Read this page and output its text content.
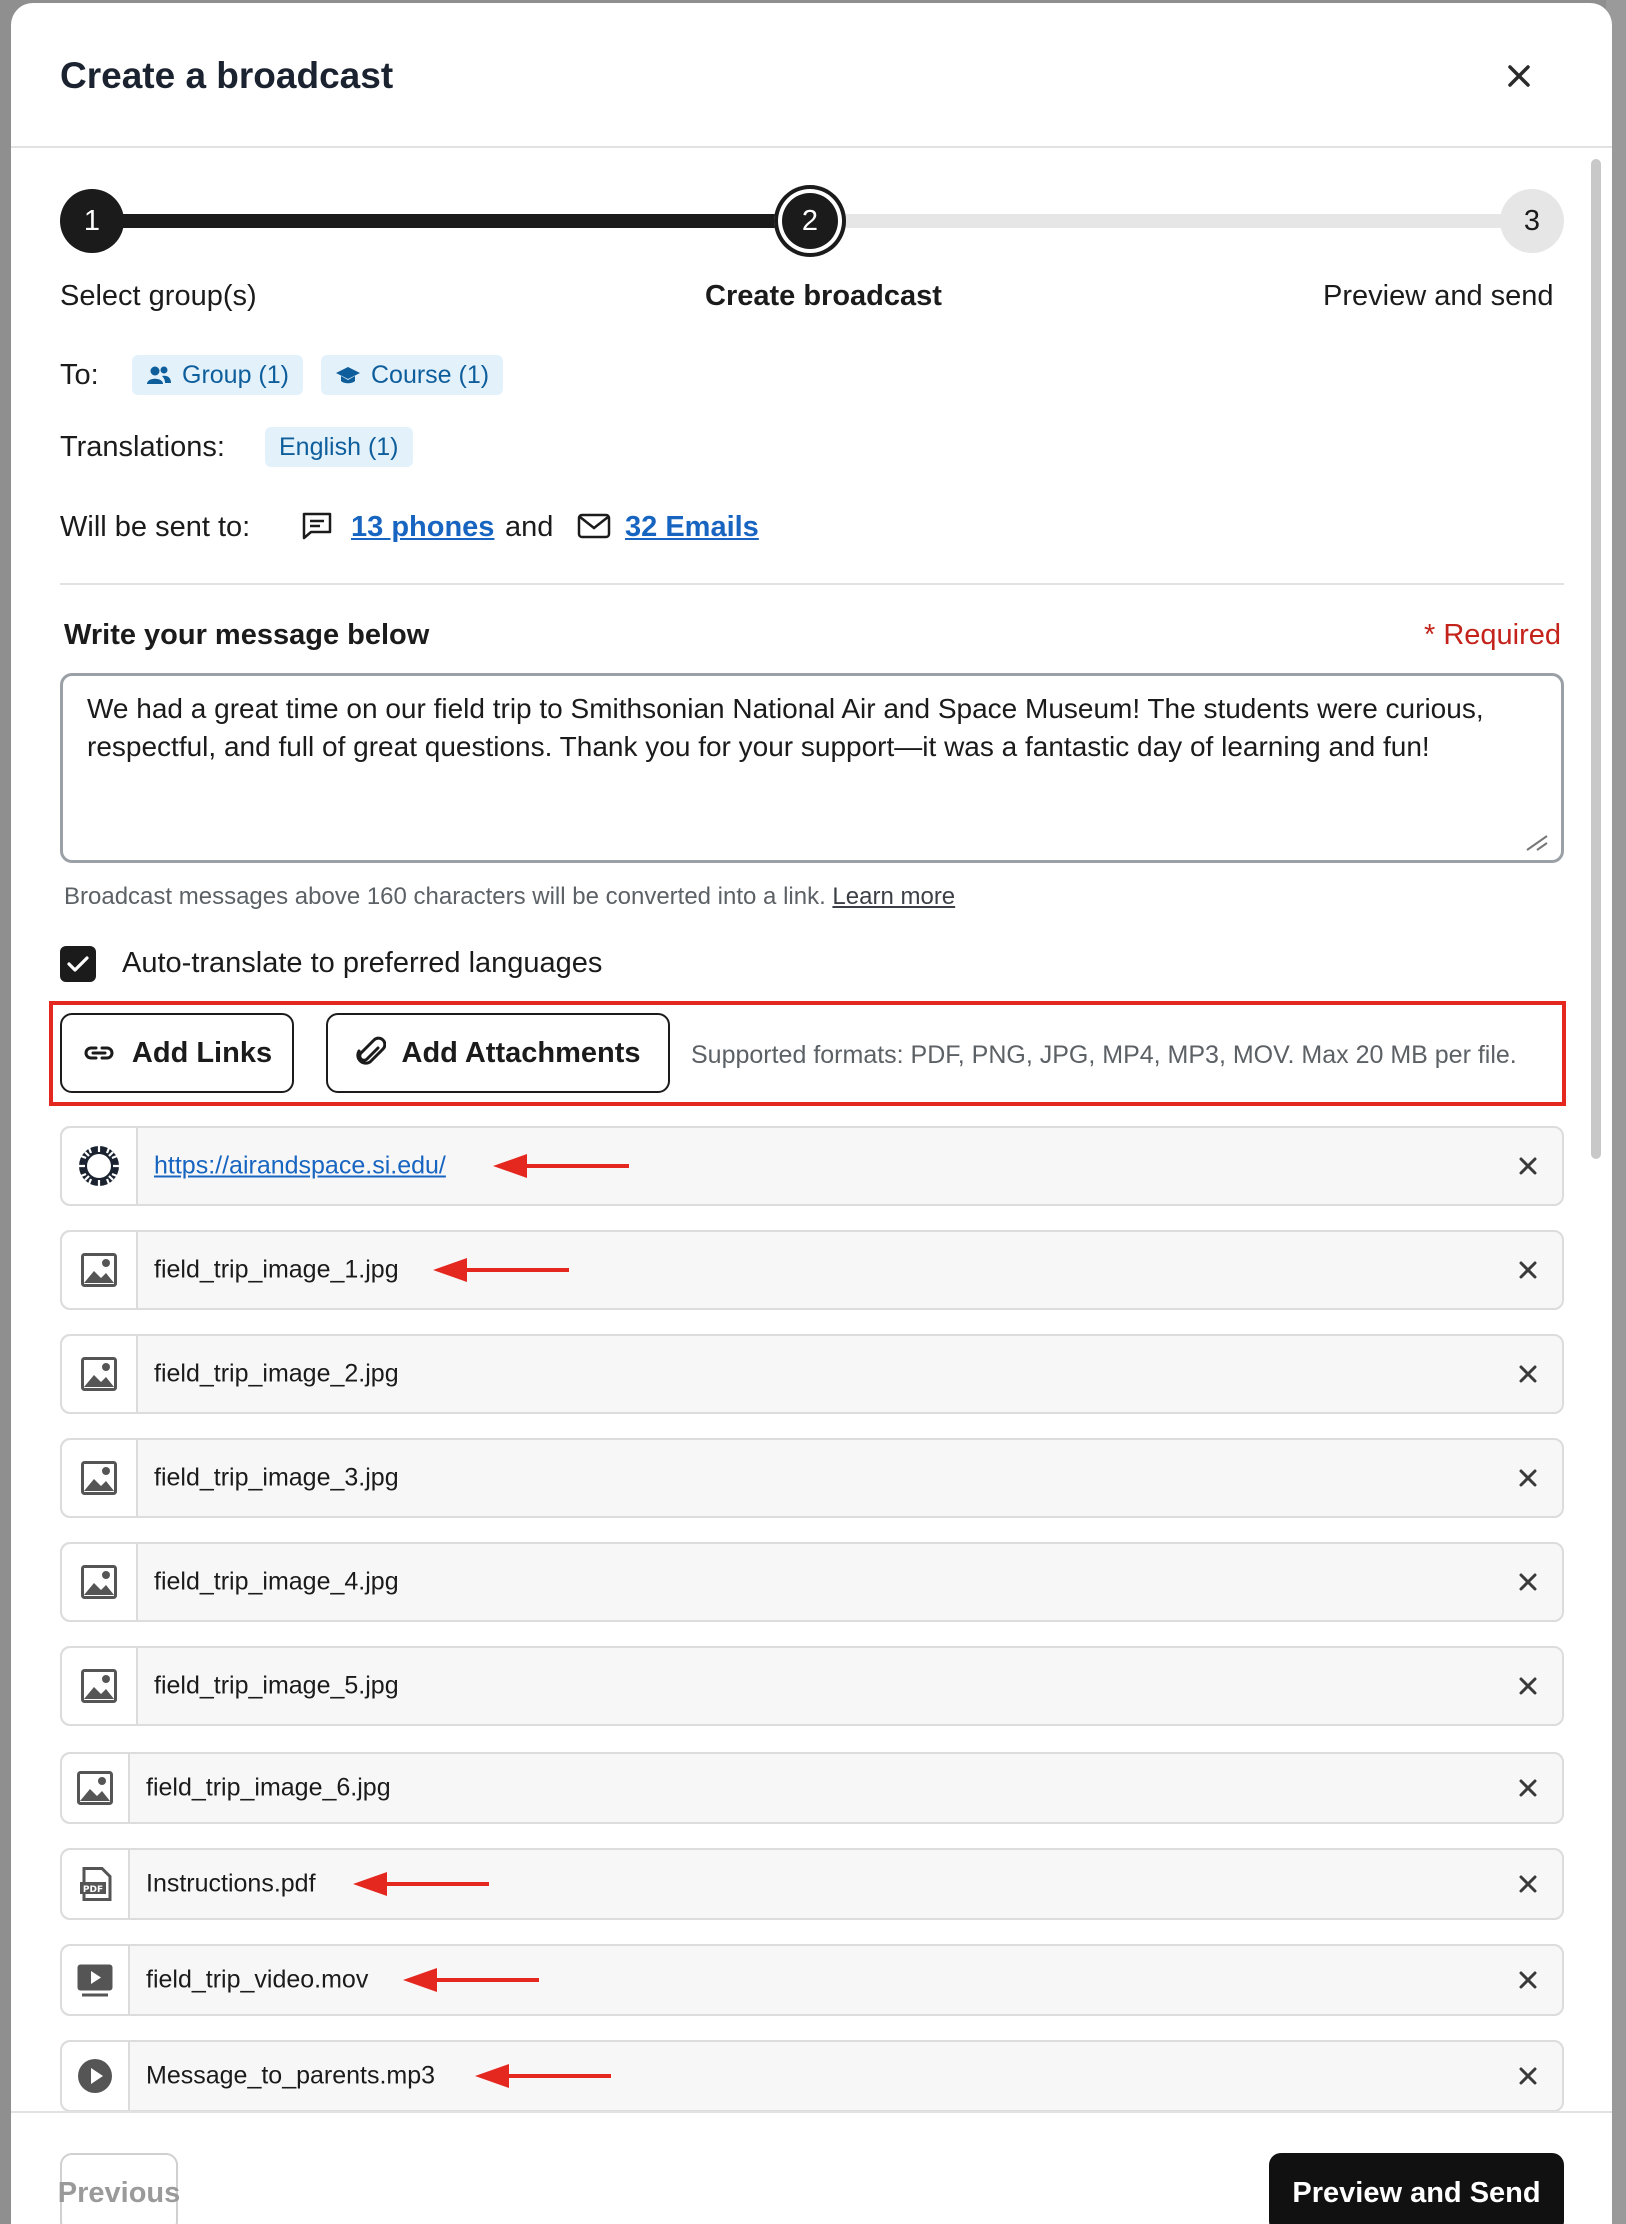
Create a broadcast
1	2	3
Select group(s)	Create broadcast	Preview and send
To:	Group (1)	Course (1)
Translations: English (1)
Will be sent to:	13 phones and 32 Emails
Write your message below	* Required
We had a great time on our field trip to Smithsonian National Air and Space Museum! The students were curious, respectful, and full of great questions. Thank you for your support—it was a fantastic day of learning and fun!
Broadcast messages above 160 characters will be converted into a link. Learn more
Auto-translate to preferred languages
Add Links	Add Attachments Supported formats: PDF, PNG, JPG, MP4, MP3, MOV. Max 20 MB per file.
https://airandspace.si.edu/
field_trip_image_1.jpg
field_trip_image_2.jpg
field_trip_image_3.jpg
field_trip_image_4.jpg
field_trip_image_5.jpg
field_trip_image_6.jpg
PDF Instructions.pdf
field_trip_video.mov
Message_to_parents.mp3
Previous	Preview and Send
